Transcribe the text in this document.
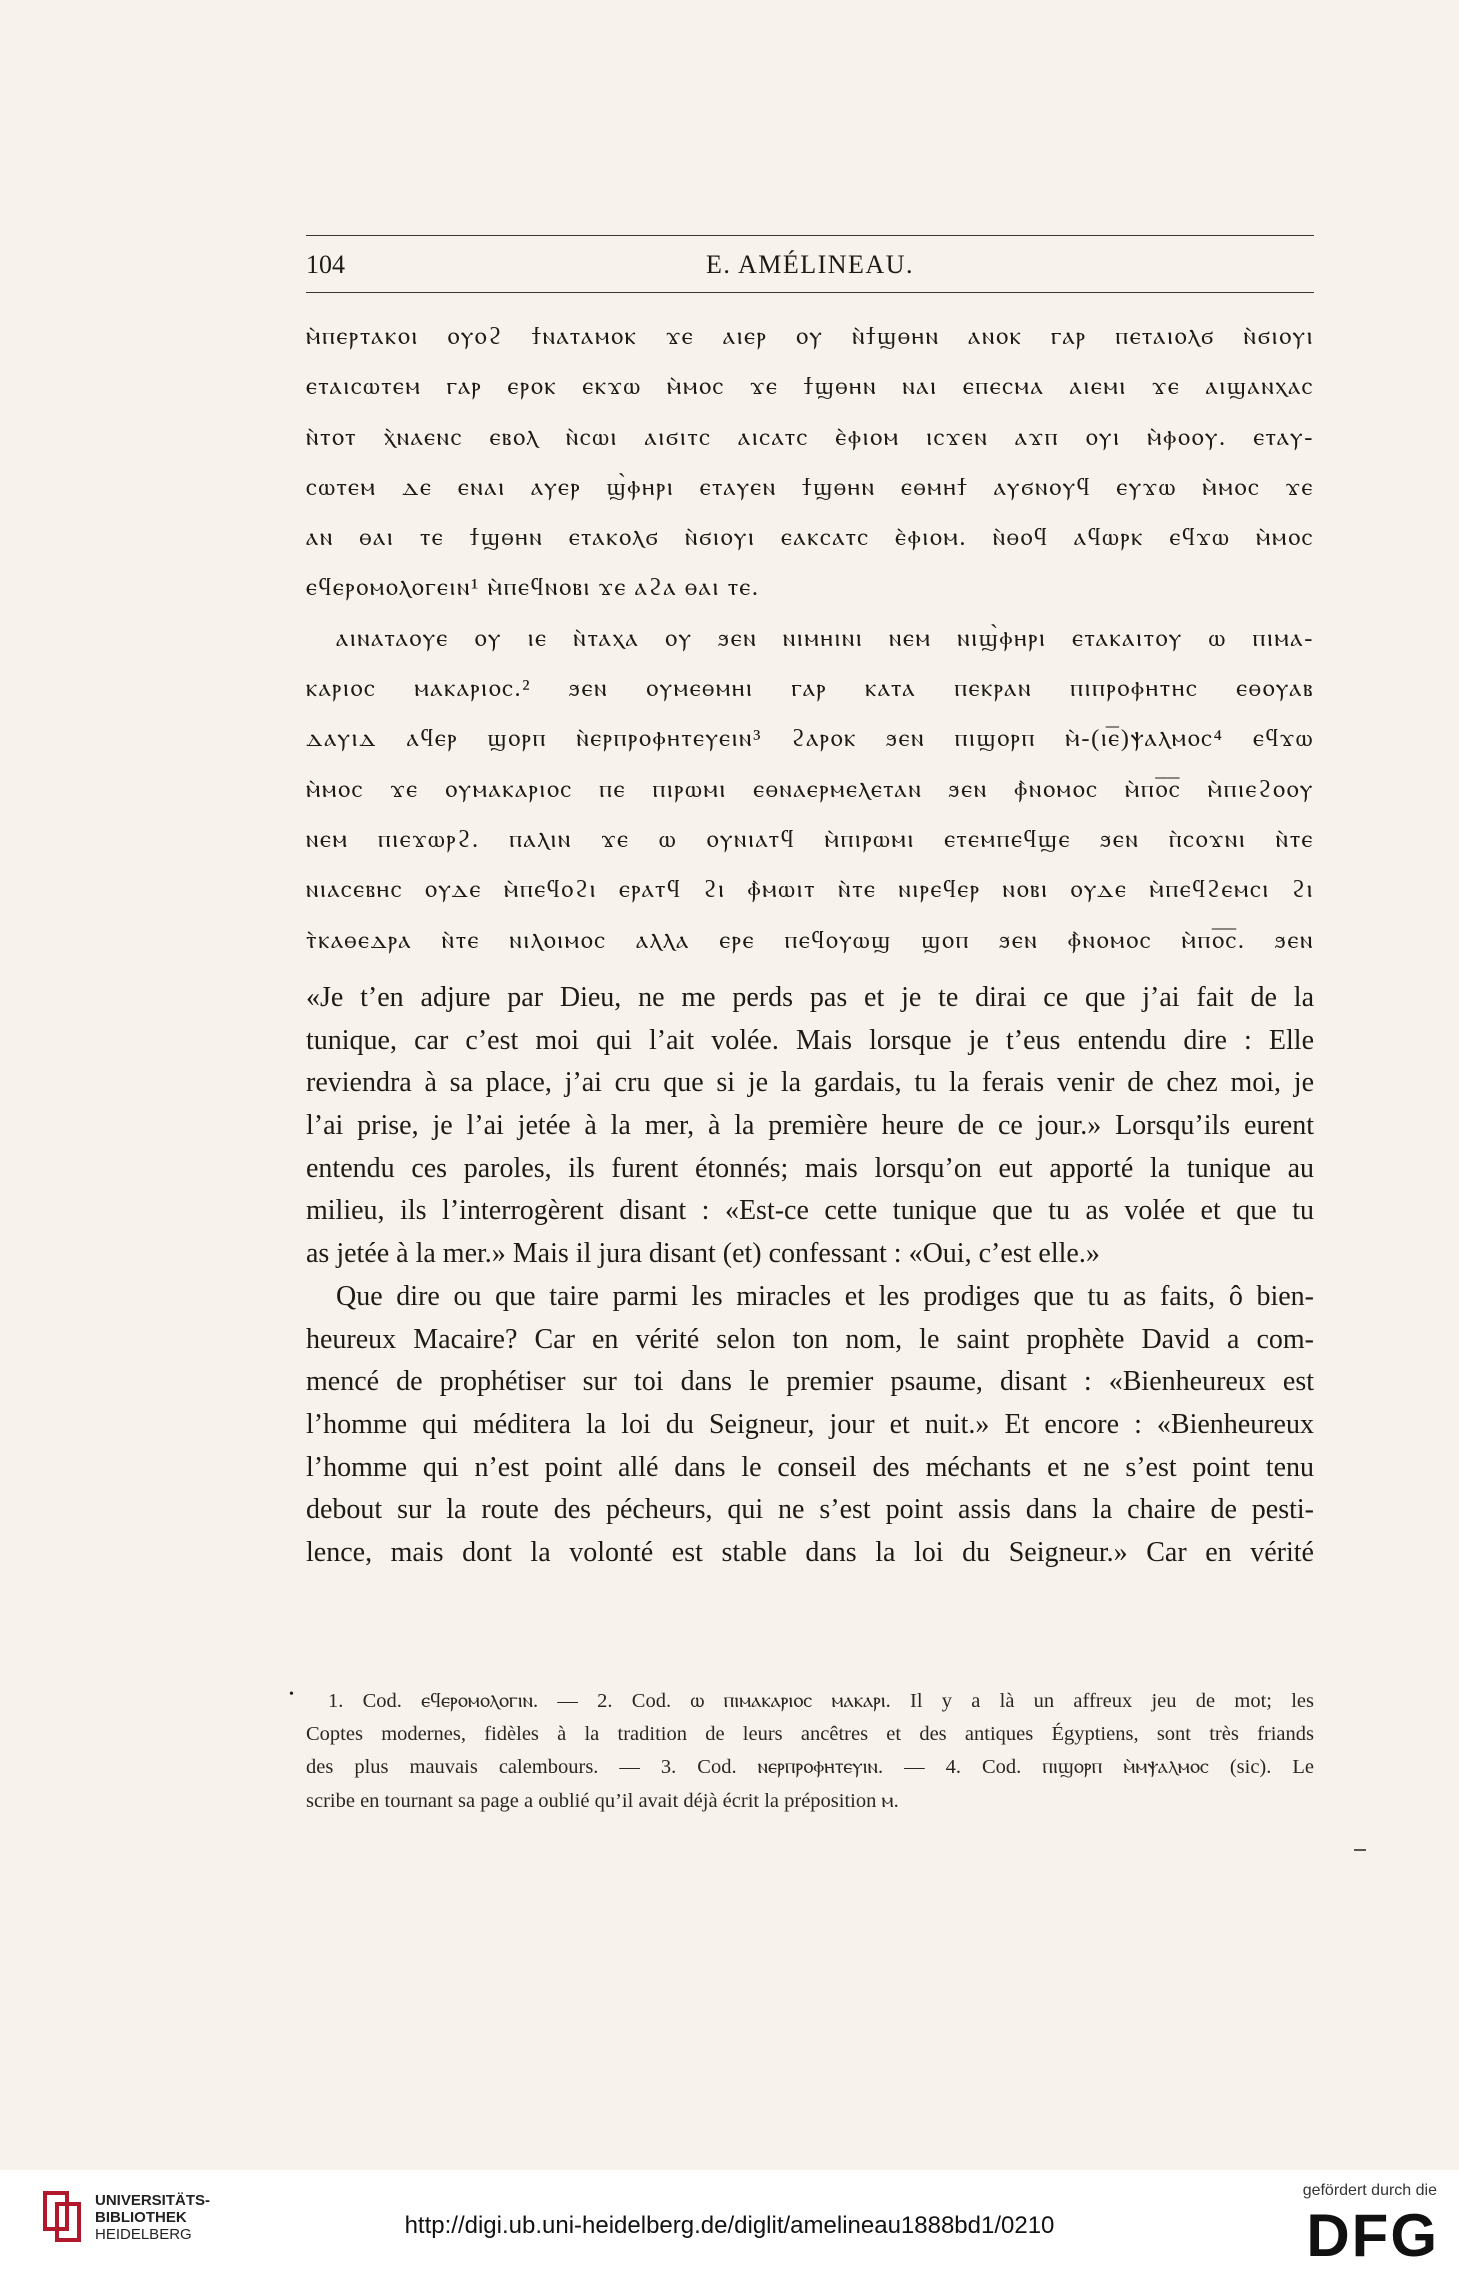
104	E. AMÉLINEAU.
ⲙ̀ⲡⲉⲣⲧⲁⲕⲟⲓ ⲟⲩⲟϩ ϯⲛⲁⲧⲁⲙⲟⲕ ϫⲉ ⲁⲓⲉⲣ ⲟⲩ ⲛ̀ϯϣⲑⲏⲛ ⲁⲛⲟⲕ ⲅⲁⲣ ⲡⲉⲧⲁⲓⲟⲗϭ ⲛ̀ϭⲓⲟⲩⲓ
ⲉⲧⲁⲓⲥⲱⲧⲉⲙ ⲅⲁⲣ ⲉⲣⲟⲕ ⲉⲕϫⲱ ⲙ̀ⲙⲟⲥ ϫⲉ ϯϣⲑⲏⲛ ⲛⲁⲓ ⲉⲡⲉⲥⲙⲁ ⲁⲓⲉⲙⲓ ϫⲉ ⲁⲓϣⲁⲛⲭⲁⲥ
ⲛ̀ⲧⲟⲧ ⲭ̀ⲛⲁⲉⲛⲥ ⲉⲃⲟⲗ ⲛ̀ⲥⲱⲓ ⲁⲓϭⲓⲧⲥ ⲁⲓⲥⲁⲧⲥ ⲉ̀ⲫⲓⲟⲙ ⲓⲥϫⲉⲛ ⲁϫⲡ ⲟⲩⲓ ⲙ̀ⲫⲟⲟⲩ. ⲉⲧⲁⲩ-
ⲥⲱⲧⲉⲙ ⲇⲉ ⲉⲛⲁⲓ ⲁⲩⲉⲣ ϣ̀ⲫⲏⲣⲓ ⲉⲧⲁⲩⲉⲛ ϯϣⲑⲏⲛ ⲉⲑⲙⲏϯ ⲁⲩϭⲛⲟⲩϥ ⲉⲩϫⲱ ⲙ̀ⲙⲟⲥ ϫⲉ
ⲁⲛ ⲑⲁⲓ ⲧⲉ ϯϣⲑⲏⲛ ⲉⲧⲁⲕⲟⲗϭ ⲛ̀ϭⲓⲟⲩⲓ ⲉⲁⲕⲥⲁⲧⲥ ⲉ̀ⲫⲓⲟⲙ. ⲛ̀ⲑⲟϥ ⲁϥⲱⲣⲕ ⲉϥϫⲱ ⲙ̀ⲙⲟⲥ
ⲉϥⲉⲣⲟⲙⲟⲗⲟⲅⲉⲓⲛ¹ ⲙ̀ⲡⲉϥⲛⲟⲃⲓ ϫⲉ ⲁϩⲁ ⲑⲁⲓ ⲧⲉ.
ⲁⲓⲛⲁⲧⲁⲟⲩⲉ ⲟⲩ ⲓⲉ ⲛ̀ⲧⲁⲭⲁ ⲟⲩ ϧⲉⲛ ⲛⲓⲙⲏⲓⲛⲓ ⲛⲉⲙ ⲛⲓϣ̀ⲫⲏⲣⲓ ⲉⲧⲁⲕⲁⲓⲧⲟⲩ ⲱ ⲡⲓⲙⲁ-
ⲕⲁⲣⲓⲟⲥ ⲙⲁⲕⲁⲣⲓⲟⲥ.² ϧⲉⲛ ⲟⲩⲙⲉⲑⲙⲏⲓ ⲅⲁⲣ ⲕⲁⲧⲁ ⲡⲉⲕⲣⲁⲛ ⲡⲓⲡⲣⲟⲫⲏⲧⲏⲥ ⲉⲑⲟⲩⲁⲃ
ⲇⲁⲩⲓⲇ ⲁϥⲉⲣ ϣⲟⲣⲡ ⲛ̀ⲉⲣⲡⲣⲟⲫⲏⲧⲉⲩⲉⲓⲛ³ ϩⲁⲣⲟⲕ ϧⲉⲛ ⲡⲓϣⲟⲣⲡ ⲙ̀-(ⲓⲉ̅)ⲯⲁⲗⲙⲟⲥ⁴ ⲉϥϫⲱ
ⲙ̀ⲙⲟⲥ ϫⲉ ⲟⲩⲙⲁⲕⲁⲣⲓⲟⲥ ⲡⲉ ⲡⲓⲣⲱⲙⲓ ⲉⲑⲛⲁⲉⲣⲙⲉⲗⲉⲧⲁⲛ ϧⲉⲛ ⲫ̀ⲛⲟⲙⲟⲥ ⲙ̀ⲡⲟ̅ⲥ̅ ⲙ̀ⲡⲓⲉϩⲟⲟⲩ
ⲛⲉⲙ ⲡⲓⲉϫⲱⲣϩ. ⲡⲁⲗⲓⲛ ϫⲉ ⲱ ⲟⲩⲛⲓⲁⲧϥ ⲙ̀ⲡⲓⲣⲱⲙⲓ ⲉⲧⲉⲙⲡⲉϥϣⲉ ϧⲉⲛ ⲡ̀ⲥⲟϫⲛⲓ ⲛ̀ⲧⲉ
ⲛⲓⲁⲥⲉⲃⲏⲥ ⲟⲩⲇⲉ ⲙ̀ⲡⲉϥⲟϩⲓ ⲉⲣⲁⲧϥ ϩⲓ ⲫ̀ⲙⲱⲓⲧ ⲛ̀ⲧⲉ ⲛⲓⲣⲉϥⲉⲣ ⲛⲟⲃⲓ ⲟⲩⲇⲉ ⲙ̀ⲡⲉϥϩⲉⲙⲥⲓ ϩⲓ
ⲧ̀ⲕⲁⲑⲉⲇⲣⲁ ⲛ̀ⲧⲉ ⲛⲓⲗⲟⲓⲙⲟⲥ ⲁⲗⲗⲁ ⲉⲣⲉ ⲡⲉϥⲟⲩⲱϣ ϣⲟⲡ ϧⲉⲛ ⲫ̀ⲛⲟⲙⲟⲥ ⲙ̀ⲡⲟ̅ⲥ̅. ϧⲉⲛ
«Je t’en adjure par Dieu, ne me perds pas et je te dirai ce que j’ai fait de la
tunique, car c’est moi qui l’ait volée. Mais lorsque je t’eus entendu dire : Elle
reviendra à sa place, j’ai cru que si je la gardais, tu la ferais venir de chez moi, je
l’ai prise, je l’ai jetée à la mer, à la première heure de ce jour.» Lorsqu’ils eurent
entendu ces paroles, ils furent étonnés; mais lorsqu’on eut apporté la tunique au
milieu, ils l’interrogèrent disant : «Est-ce cette tunique que tu as volée et que tu
as jetée à la mer.» Mais il jura disant (et) confessant : «Oui, c’est elle.»
Que dire ou que taire parmi les miracles et les prodiges que tu as faits, ô bien-
heureux Macaire? Car en vérité selon ton nom, le saint prophète David a com-
mencé de prophétiser sur toi dans le premier psaume, disant : «Bienheureux est
l’homme qui méditera la loi du Seigneur, jour et nuit.» Et encore : «Bienheureux
l’homme qui n’est point allé dans le conseil des méchants et ne s’est point tenu
debout sur la route des pécheurs, qui ne s’est point assis dans la chaire de pesti-
lence, mais dont la volonté est stable dans la loi du Seigneur.» Car en vérité
•	1. Cod. ⲉϥⲉⲣⲟⲙⲟⲗⲟⲅⲓⲛ. — 2. Cod. ⲱ ⲡⲓⲙⲁⲕⲁⲣⲓⲟⲥ ⲙⲁⲕⲁⲣⲓ. Il y a là un affreux jeu de mot; les
Coptes modernes, fidèles à la tradition de leurs ancêtres et des antiques Égyptiens, sont très friands
des plus mauvais calembours. — 3. Cod. ⲛⲉⲣⲡⲣⲟⲫⲏⲧⲉⲩⲓⲛ. — 4. Cod. ⲡⲓϣⲟⲣⲡ ⲙ̀ⲙⲯⲁⲗⲙⲟⲥ (sic). Le
scribe en tournant sa page a oublié qu’il avait déjà écrit la préposition ⲙ.
UNIVERSITÄTS-
BIBLIOTHEK
HEIDELBERG	http://digi.ub.uni-heidelberg.de/diglit/amelineau1888bd1/0210
gefördert durch die
DFG
